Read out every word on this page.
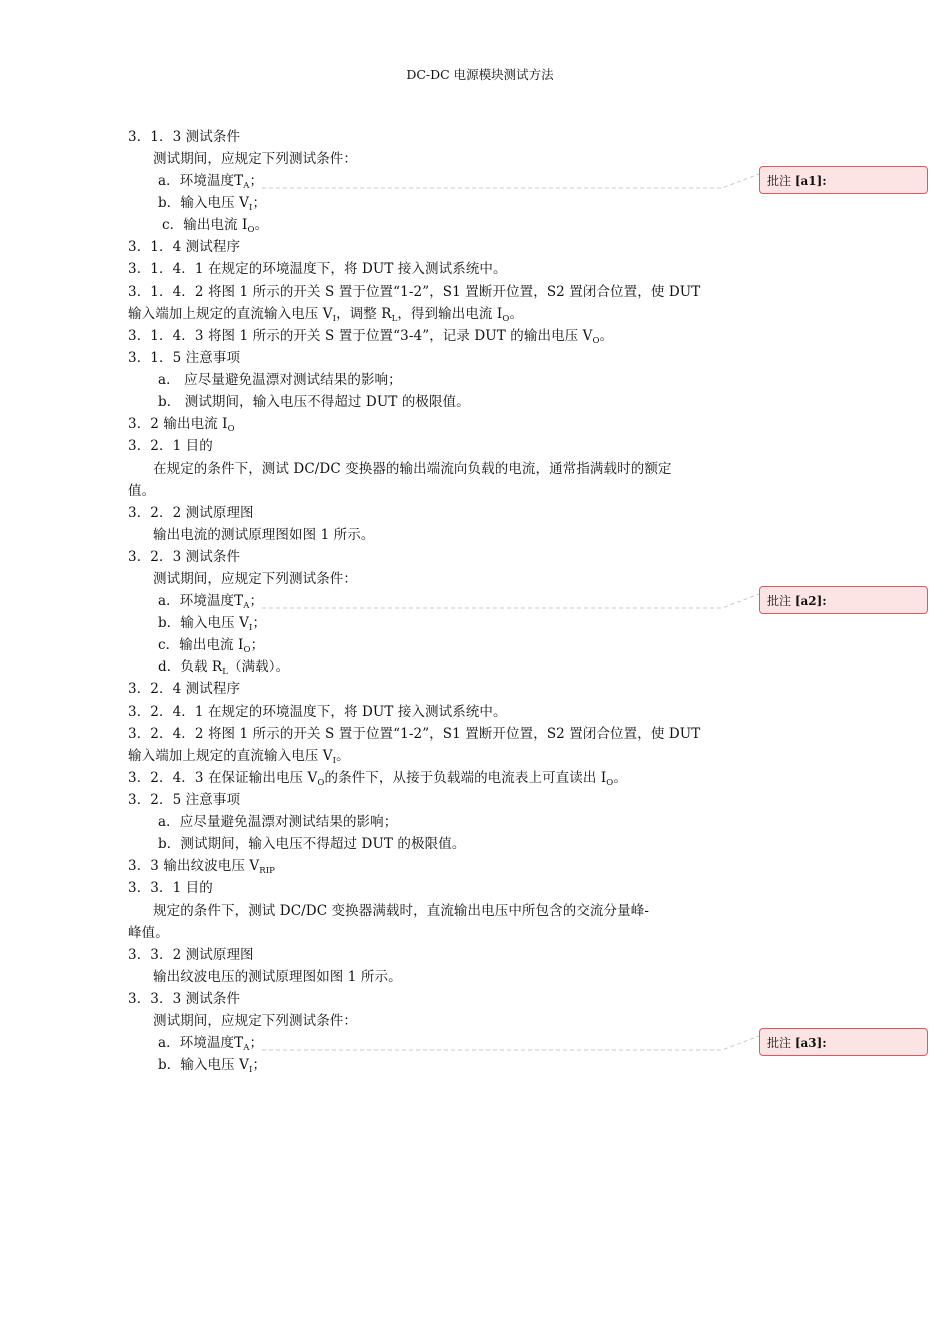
DC-DC 电源模块测试方法
3．1．3 测试条件
测试期间，应规定下列测试条件：
a．环境温度$T_A$；
b．输入电压 $V_I$；
c．输出电流 $I_O$。
3．1．4 测试程序
3．1．4．1 在规定的环境温度下，将 DUT 接入测试系统中。
3．1．4．2 将图 1 所示的开关 S 置于位置“1-2”，S1 置断开位置，S2 置闭合位置，使 DUT
输入端加上规定的直流输入电压 $V_I$，调整 $R_L$，得到输出电流 $I_O$。
3．1．4．3 将图 1 所示的开关 S 置于位置“3-4”，记录 DUT 的输出电压 $V_O$。
3．1．5 注意事项
a． 应尽量避免温漂对测试结果的影响；
b． 测试期间，输入电压不得超过 DUT 的极限值。
3．2 输出电流 $I_O$
3．2．1 目的
在规定的条件下，测试 DC/DC 变换器的输出端流向负载的电流，通常指满载时的额定
值。
3．2．2 测试原理图
输出电流的测试原理图如图 1 所示。
3．2．3 测试条件
测试期间，应规定下列测试条件：
a．环境温度$T_A$；
b．输入电压 $V_I$；
c．输出电流 $I_O$；
d．负载 $R_L$（满载）。
3．2．4 测试程序
3．2．4．1 在规定的环境温度下，将 DUT 接入测试系统中。
3．2．4．2 将图 1 所示的开关 S 置于位置“1-2”，S1 置断开位置，S2 置闭合位置，使 DUT
输入端加上规定的直流输入电压 $V_I$。
3．2．4．3 在保证输出电压 $V_O$的条件下，从接于负载端的电流表上可直读出 $I_O$。
3．2．5 注意事项
a．应尽量避免温漂对测试结果的影响；
b．测试期间，输入电压不得超过 DUT 的极限值。
3．3 输出纹波电压 $V_{RIP}$
3．3．1 目的
规定的条件下，测试 DC/DC 变换器满载时，直流输出电压中所包含的交流分量峰-
峰值。
3．3．2 测试原理图
输出纹波电压的测试原理图如图 1 所示。
3．3．3 测试条件
测试期间，应规定下列测试条件：
a．环境温度$T_A$；
b．输入电压 $V_I$；
批注 [a1]:
批注 [a2]:
批注 [a3]:
